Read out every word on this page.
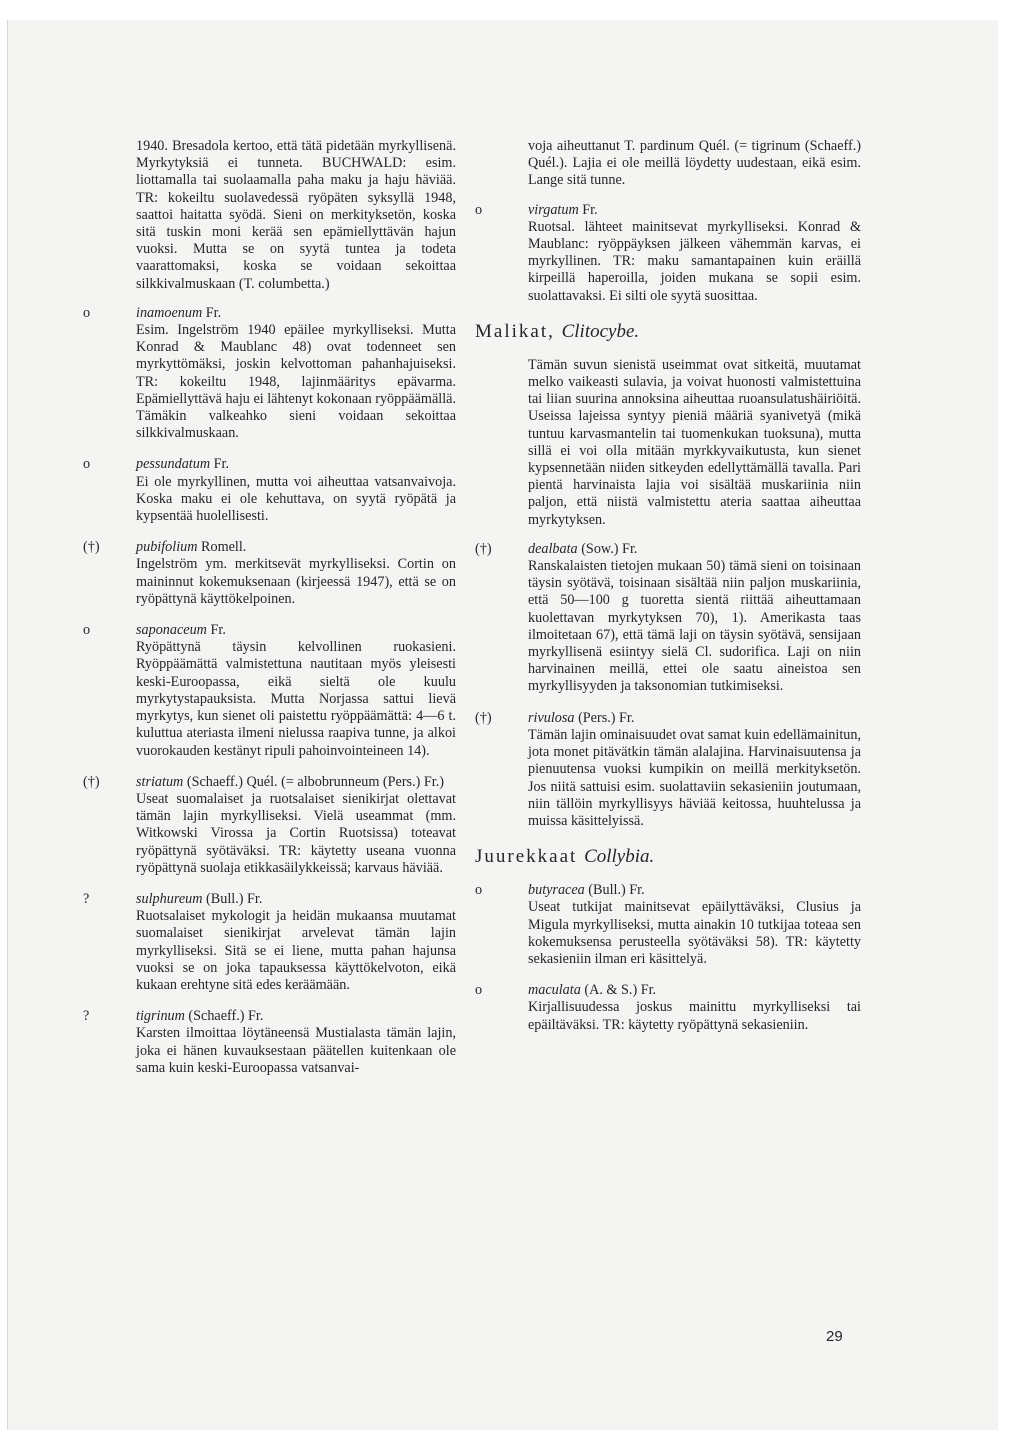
1940. Bresadola kertoo, että tätä pidetään myrkyllisenä. Myrkytyksiä ei tunneta. BUCHWALD: esim. liottamalla tai suolaamalla paha maku ja haju häviää. TR: kokeiltu suolavedessä ryöpäten syksyllä 1948, saattoi haitatta syödä. Sieni on merkityksetön, koska sitä tuskin moni kerää sen epämiellyttävän hajun vuoksi. Mutta se on syytä tuntea ja todeta vaarattomaksi, koska se voidaan sekoittaa silkkivalmuskaan (T. columbetta.)

o	inamoenum Fr.

Esim. Ingelström 1940 epäilee myrkylliseksi. Mutta Konrad & Maublanc 48) ovat todenneet sen myrkyttömäksi, joskin kelvottoman pahanhajuiseksi. TR: kokeiltu 1948, lajinmääritys epävarma. Epämiellyttävä haju ei lähtenyt kokonaan ryöppäämällä. Tämäkin valkeahko sieni voidaan sekoittaa silkkivalmuskaan.

o	pessundatum Fr.

Ei ole myrkyllinen, mutta voi aiheuttaa vatsanvaivoja. Koska maku ei ole kehuttava, on syytä ryöpätä ja kypsentää huolellisesti.

(†)	pubifolium Romell.

Ingelström ym. merkitsevät myrkylliseksi. Cortin on maininnut kokemuksenaan (kirjeessä 1947), että se on ryöpättynä käyttökelpoinen.

o	saponaceum Fr.

Ryöpättynä täysin kelvollinen ruokasieni. Ryöppäämättä valmistettuna nautitaan myös yleisesti keski-Euroopassa, eikä sieltä ole kuulu myrkytystapauksista. Mutta Norjassa sattui lievä myrkytys, kun sienet oli paistettu ryöppäämättä: 4—6 t. kuluttua ateriasta ilmeni nielussa raapiva tunne, ja alkoi vuorokauden kestänyt ripuli pahoinvointeineen 14).

(†)	striatum (Schaeff.) Quél. (= albobrunneum (Pers.) Fr.)

Useat suomalaiset ja ruotsalaiset sienikirjat olettavat tämän lajin myrkylliseksi. Vielä useammat (mm. Witkowski Virossa ja Cortin Ruotsissa) toteavat ryöpättynä syötäväksi. TR: käytetty useana vuonna ryöpättynä suolaja etikkasäilykkeissä; karvaus häviää.

?	sulphureum (Bull.) Fr.

Ruotsalaiset mykologit ja heidän mukaansa muutamat suomalaiset sienikirjat arvelevat tämän lajin myrkylliseksi. Sitä se ei liene, mutta pahan hajunsa vuoksi se on joka tapauksessa käyttökelvoton, eikä kukaan erehtyne sitä edes keräämään.

?	tigrinum (Schaeff.) Fr.

Karsten ilmoittaa löytäneensä Mustialasta tämän lajin, joka ei hänen kuvauksestaan päätellen kuitenkaan ole sama kuin keski-Euroopassa vatsanvai-

voja aiheuttanut T. pardinum Quél. (= tigrinum (Schaeff.) Quél.). Lajia ei ole meillä löydetty uudestaan, eikä esim. Lange sitä tunne.

o	virgatum Fr.

Ruotsal. lähteet mainitsevat myrkylliseksi. Konrad & Maublanc: ryöppäyksen jälkeen vähemmän karvas, ei myrkyllinen. TR: maku samantapainen kuin eräillä kirpeillä haperoilla, joiden mukana se sopii esim. suolattavaksi. Ei silti ole syytä suosittaa.

Malikat, Clitocybe.

Tämän suvun sienistä useimmat ovat sitkeitä, muutamat melko vaikeasti sulavia, ja voivat huonosti valmistettuina tai liian suurina annoksina aiheuttaa ruoansulatushäiriöitä. Useissa lajeissa syntyy pieniä määriä syanivetyä (mikä tuntuu karvasmantelin tai tuomenkukan tuoksuna), mutta sillä ei voi olla mitään myrkkyvaikutusta, kun sienet kypsennetään niiden sitkeyden edellyttämällä tavalla. Pari pientä harvinaista lajia voi sisältää muskariinia niin paljon, että niistä valmistettu ateria saattaa aiheuttaa myrkytyksen.

(†)	dealbata (Sow.) Fr.

Ranskalaisten tietojen mukaan 50) tämä sieni on toisinaan täysin syötävä, toisinaan sisältää niin paljon muskariinia, että 50—100 g tuoretta sientä riittää aiheuttamaan kuolettavan myrkytyksen 70), 1). Amerikasta taas ilmoitetaan 67), että tämä laji on täysin syötävä, sensijaan myrkyllisenä esiintyy sielä Cl. sudorifica. Laji on niin harvinainen meillä, ettei ole saatu aineistoa sen myrkyllisyyden ja taksonomian tutkimiseksi.

(†)	rivulosa (Pers.) Fr.

Tämän lajin ominaisuudet ovat samat kuin edellämainitun, jota monet pitävätkin tämän alalajina. Harvinaisuutensa ja pienuutensa vuoksi kumpikin on meillä merkityksetön. Jos niitä sattuisi esim. suolattaviin sekasieniin joutumaan, niin tällöin myrkyllisyys häviää keitossa, huuhtelussa ja muissa käsittelyissä.

Juurekkaat Collybia.
o	butyracea (Bull.) Fr.

Useat tutkijat mainitsevat epäilyttäväksi, Clusius ja Migula myrkylliseksi, mutta ainakin 10 tutkijaa toteaa sen kokemuksensa perusteella syötäväksi 58). TR: käytetty sekasieniin ilman eri käsittelyä.

o	maculata (A. & S.) Fr.

Kirjallisuudessa joskus mainittu myrkylliseksi tai epäiltäväksi. TR: käytetty ryöpättynä sekasieniin.

29
